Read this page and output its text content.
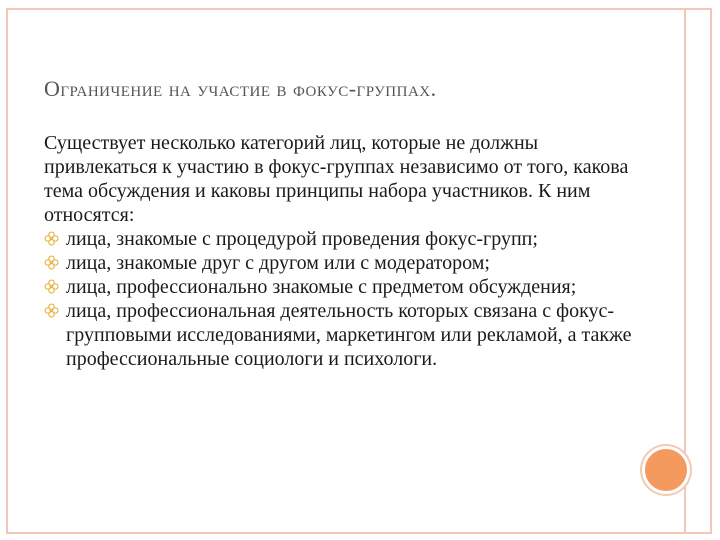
Ограничение на участие в фокус-группах.

Существует несколько категорий лиц, которые не должны привлекаться к участию в фокус-группах независимо от того, какова тема обсуждения и каковы принципы набора участников. К ним относятся:

лица, знакомые с процедурой проведения фокус-групп;
лица, знакомые друг с другом или с модератором;
лица, профессионально знакомые с предметом обсуждения;
лица, профессиональная деятельность которых связана с фокус-групповыми исследованиями, маркетингом или рекламой, а также профессиональные социологи и психологи.
